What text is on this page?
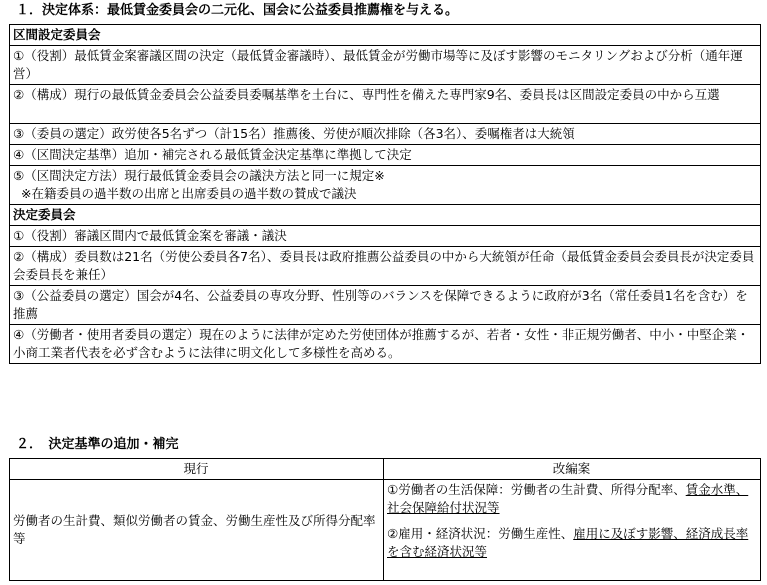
１．決定体系：最低賃金委員会の二元化、国会に公益委員推薦権を与える。
区間設定委員会
①（役割）最低賃金案審議区間の決定（最低賃金審議時）、最低賃金が労働市場等に及ぼす影響のモニタリングおよび分析（通年運営）
②（構成）現行の最低賃金委員会公益委員委嘱基準を土台に、専門性を備えた専門家9名、委員長は区間設定委員の中から互選
③（委員の選定）政労使各5名ずつ（計15名）推薦後、労使が順次排除（各3名）、委嘱権者は大統領
④（区間決定基準）追加・補完される最低賃金決定基準に準拠して決定

⑤（区間決定方法）現行最低賃金委員会の議決方法と同一に規定※
※在籍委員の過半数の出席と出席委員の過半数の賛成で議決

決定委員会
①（役割）審議区間内で最低賃金案を審議・議決
②（構成）委員数は21名（労使公委員各7名）、委員長は政府推薦公益委員の中から大統領が任命（最低賃金委員会委員長が決定委員会委員長を兼任）
③（公益委員の選定）国会が4名、公益委員の専攻分野、性別等のバランスを保障できるように政府が3名（常任委員1名を含む）を推薦
④（労働者・使用者委員の選定）現在のように法律が定めた労使団体が推薦するが、若者・女性・非正規労働者、中小・中堅企業・小商工業者代表を必ず含むように法律に明文化して多様性を高める。
２．　決定基準の追加・補完
現行	改編案
労働者の生計費、類似労働者の賃金、労働生産性及び所得分配率等	①労働者の生活保障：労働者の生計費、所得分配率、賃金水準、社会保障給付状況等
②雇用・経済状況：労働生産性、雇用に及ぼす影響、経済成長率を含む経済状況等
